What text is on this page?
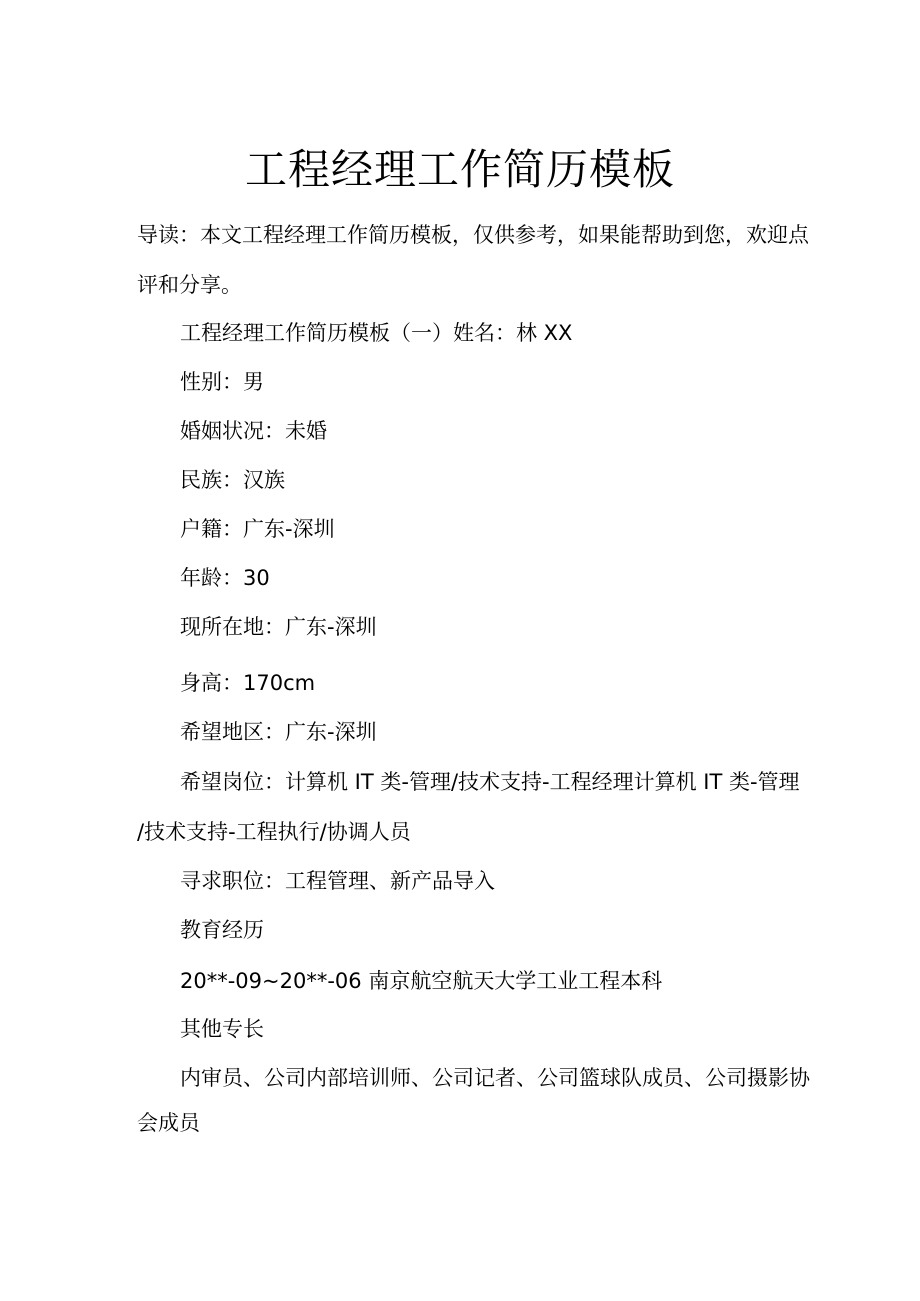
工程经理工作简历模板

导读：本文工程经理工作简历模板，仅供参考，如果能帮助到您，欢迎点

评和分享。

工程经理工作简历模板（一）姓名：林 XX

性别：男

婚姻状况：未婚

民族：汉族

户籍：广东-深圳

年龄：30

现所在地：广东-深圳

身高：170cm

希望地区：广东-深圳

希望岗位：计算机 IT 类-管理/技术支持-工程经理计算机 IT 类-管理

/技术支持-工程执行/协调人员

寻求职位：工程管理、新产品导入

教育经历

20**-09~20**-06 南京航空航天大学工业工程本科

其他专长

内审员、公司内部培训师、公司记者、公司篮球队成员、公司摄影协

会成员
